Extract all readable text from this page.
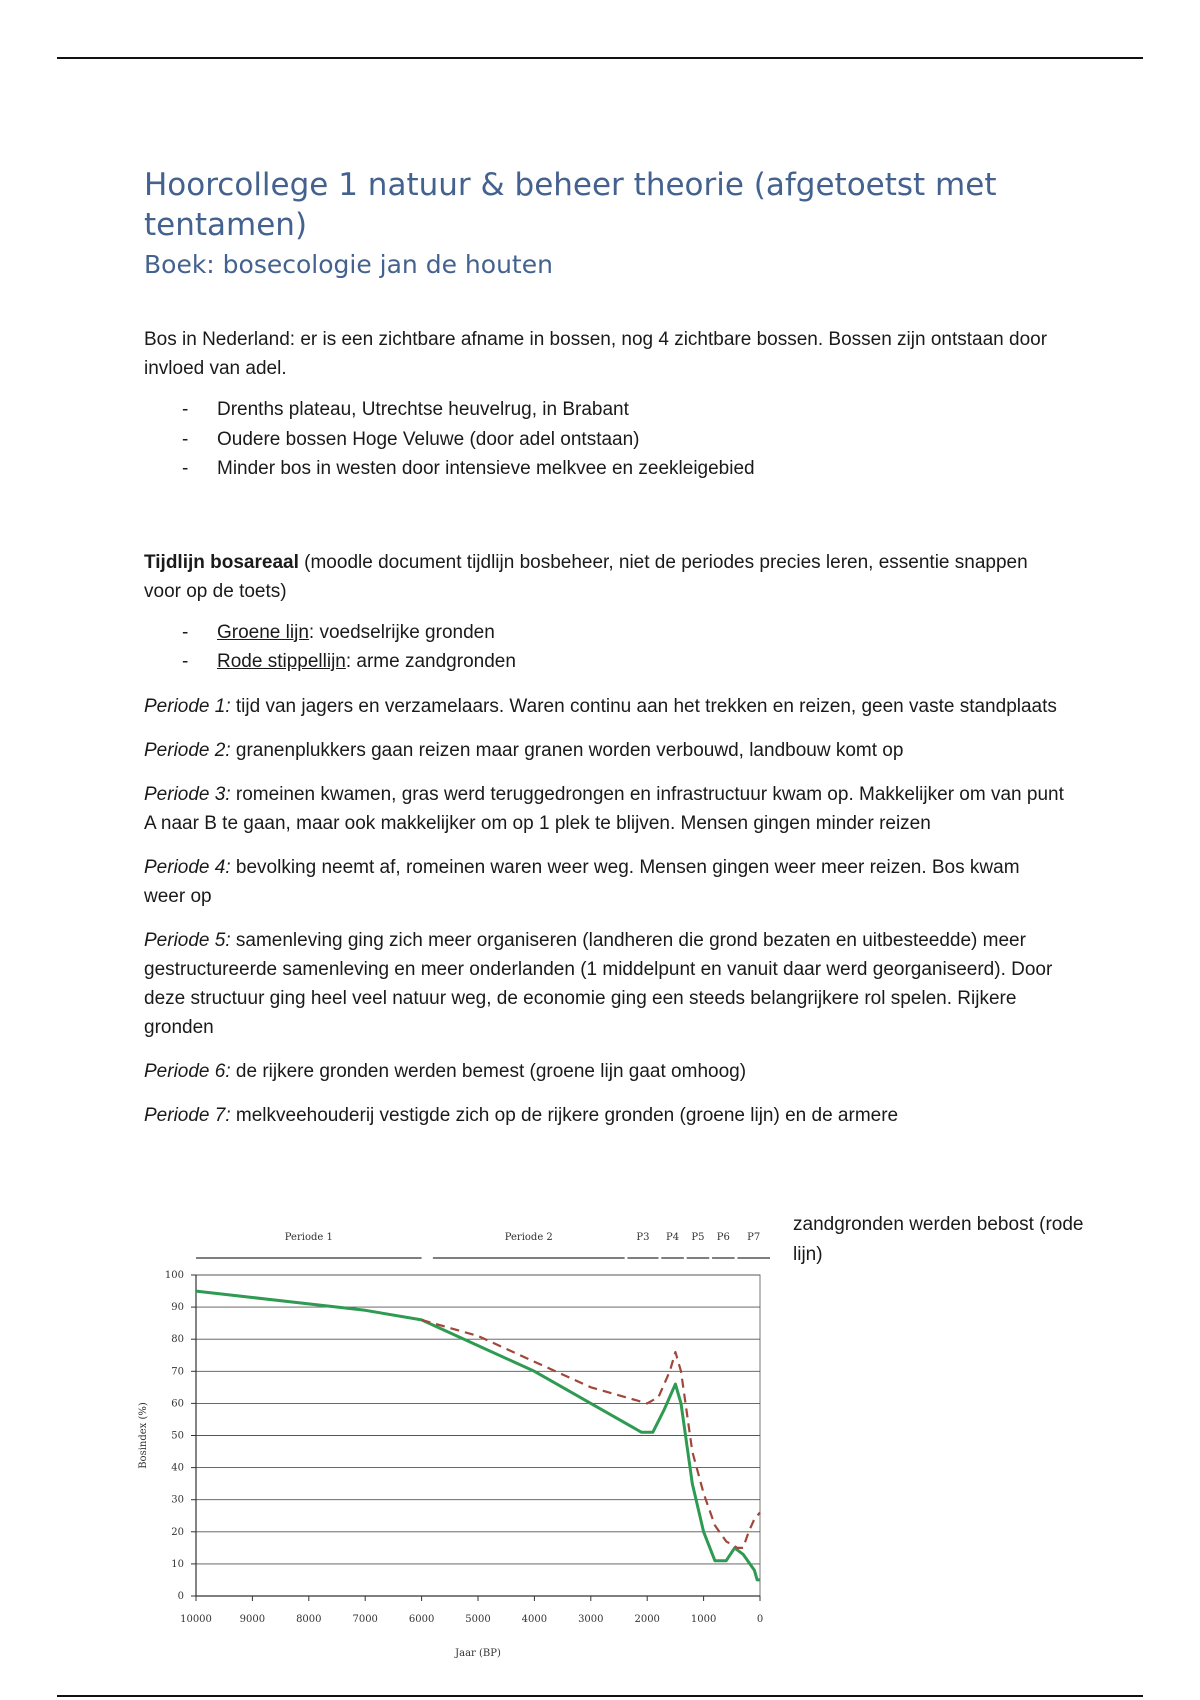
Hoorcollege 1 natuur & beheer theorie (afgetoetst met tentamen)
Boek: bosecologie jan de houten

Bos in Nederland: er is een zichtbare afname in bossen, nog 4 zichtbare bossen. Bossen zijn ontstaan door invloed van adel.

- Drenths plateau, Utrechtse heuvelrug, in Brabant
- Oudere bossen Hoge Veluwe (door adel ontstaan)
- Minder bos in westen door intensieve melkvee en zeekleigebied

Tijdlijn bosareaal (moodle document tijdlijn bosbeheer, niet de periodes precies leren, essentie snappen voor op de toets)

- Groene lijn: voedselrijke gronden
- Rode stippellijn: arme zandgronden

Periode 1: tijd van jagers en verzamelaars. Waren continu aan het trekken en reizen, geen vaste standplaats

Periode 2: granenplukkers gaan reizen maar granen worden verbouwd, landbouw komt op

Periode 3: romeinen kwamen, gras werd teruggedrongen en infrastructuur kwam op. Makkelijker om van punt A naar B te gaan, maar ook makkelijker om op 1 plek te blijven. Mensen gingen minder reizen

Periode 4: bevolking neemt af, romeinen waren weer weg. Mensen gingen weer meer reizen. Bos kwam weer op

Periode 5: samenleving ging zich meer organiseren (landheren die grond bezaten en uitbesteedde) meer gestructureerde samenleving en meer onderlanden (1 middelpunt en vanuit daar werd georganiseerd). Door deze structuur ging heel veel natuur weg, de economie ging een steeds belangrijkere rol spelen. Rijkere gronden

Periode 6: de rijkere gronden werden bemest (groene lijn gaat omhoog)

Periode 7: melkveehouderij vestigde zich op de rijkere gronden (groene lijn) en de armere

zandgronden werden bebost (rode lijn)
0
10
20
30
40
50
60
70
80
90
100
10000	9000	8000	7000	6000	5000	4000	3000	2000	1000	0
Jaar (BP)
Bosindex (%)
Periode 1	Periode 2	P3 P4 P5 P6 P7
